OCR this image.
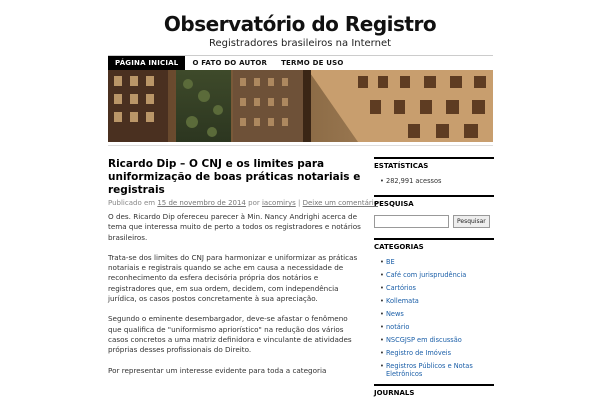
Observatório do Registro
Registradores brasileiros na Internet
PÁGINA INICIAL	O FATO DO AUTOR	TERMO DE USO
Ricardo Dip – O CNJ e os limites para uniformização de boas práticas notariais e registrais
Publicado em 15 de novembro de 2014 por iacomirys | Deixe um comentário

O des. Ricardo Dip ofereceu parecer à Min. Nancy Andrighi acerca de tema que interessa muito de perto a todos os registradores e notários brasileiros.

Trata-se dos limites do CNJ para harmonizar e uniformizar as práticas notariais e registrais quando se ache em causa a necessidade de reconhecimento da esfera decisória própria dos notários e registradores que, em sua ordem, decidem, com independência jurídica, os casos postos concretamente à sua apreciação.

Segundo o eminente desembargador, deve-se afastar o fenômeno que qualifica de "uniformismo apriorístico" na redução dos vários casos concretos a uma matriz definidora e vinculante de atividades próprias desses profissionais do Direito.

Por representar um interesse evidente para toda a categoria

ESTATÍSTICAS
• 282,991 acessos
PESQUISA
Pesquisar
CATEGORIAS
• BE
• Café com jurisprudência
• Cartórios
• Kollemata
• News
• notário
• NSCGJSP em discussão
• Registro de Imóveis
• Registros Públicos e Notas Eletrônicos
JOURNALS
